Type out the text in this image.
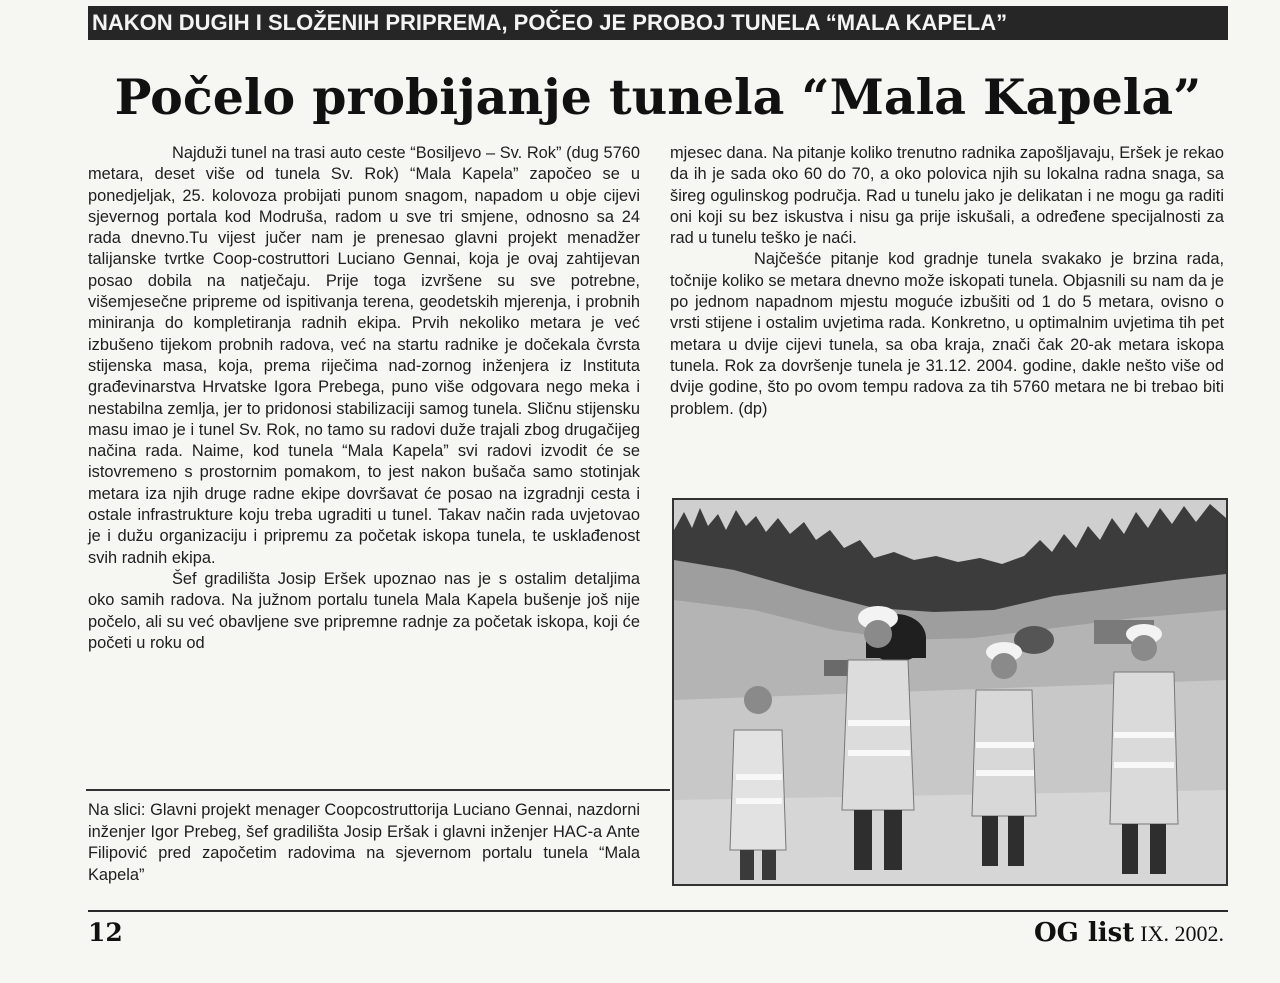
NAKON DUGIH I SLOŽENIH PRIPREMA, POČEO JE PROBOJ TUNELA “MALA KAPELA”
Počelo probijanje tunela “Mala Kapela”

Najduži tunel na trasi auto ceste “Bosiljevo – Sv. Rok” (dug 5760 metara, deset više od tunela Sv. Rok) “Mala Kapela” započeo se u ponedjeljak, 25. kolovoza probijati punom snagom, napadom u obje cijevi sjevernog portala kod Modruša, radom u sve tri smjene, odnosno sa 24 rada dnevno.Tu vijest jučer nam je prenesao glavni projekt menadžer talijanske tvrtke Coop-costruttori Luciano Gennai, koja je ovaj zahtijevan posao dobila na natječaju. Prije toga izvršene su sve potrebne, višemjesečne pripreme od ispitivanja terena, geodetskih mjerenja, i probnih miniranja do kompletiranja radnih ekipa. Prvih nekoliko metara je već izbušeno tijekom probnih radova, već na startu radnike je dočekala čvrsta stijenska masa, koja, prema riječima nad-zornog inženjera iz Instituta građevinarstva Hrvatske Igora Prebega, puno više odgovara nego meka i nestabilna zemlja, jer to pridonosi stabilizaciji samog tunela. Sličnu stijensku masu imao je i tunel Sv. Rok, no tamo su radovi duže trajali zbog drugačijeg načina rada. Naime, kod tunela “Mala Kapela” svi radovi izvodit će se istovremeno s prostornim pomakom, to jest nakon bušača samo stotinjak metara iza njih druge radne ekipe dovršavat će posao na izgradnji cesta i ostale infrastrukture koju treba ugraditi u tunel. Takav način rada uvjetovao je i dužu organizaciju i pripremu za početak iskopa tunela, te usklađenost svih radnih ekipa.

Šef gradilišta Josip Eršek upoznao nas je s ostalim detaljima oko samih radova. Na južnom portalu tunela Mala Kapela bušenje još nije počelo, ali su već obavljene sve pripremne radnje za početak iskopa, koji će početi u roku od

mjesec dana. Na pitanje koliko trenutno radnika zapošljavaju, Eršek je rekao da ih je sada oko 60 do 70, a oko polovica njih su lokalna radna snaga, sa šireg ogulinskog područja. Rad u tunelu jako je delikatan i ne mogu ga raditi oni koji su bez iskustva i nisu ga prije iskušali, a određene specijalnosti za rad u tunelu teško je naći.

Najčešće pitanje kod gradnje tunela svakako je brzina rada, točnije koliko se metara dnevno može iskopati tunela. Objasnili su nam da je po jednom napadnom mjestu moguće izbušiti od 1 do 5 metara, ovisno o vrsti stijene i ostalim uvjetima rada. Konkretno, u optimalnim uvjetima tih pet metara u dvije cijevi tunela, sa oba kraja, znači čak 20-ak metara iskopa tunela. Rok za dovršenje tunela je 31.12. 2004. godine, dakle nešto više od dvije godine, što po ovom tempu radova za tih 5760 metara ne bi trebao biti problem. (dp)

Na slici: Glavni projekt menager Coopcostruttorija Luciano Gennai, nazdorni inženjer Igor Prebeg, šef gradilišta Josip Eršak i glavni inženjer HAC-a Ante Filipović pred započetim radovima na sjevernom portalu tunela “Mala Kapela”
12	OG list IX. 2002.
